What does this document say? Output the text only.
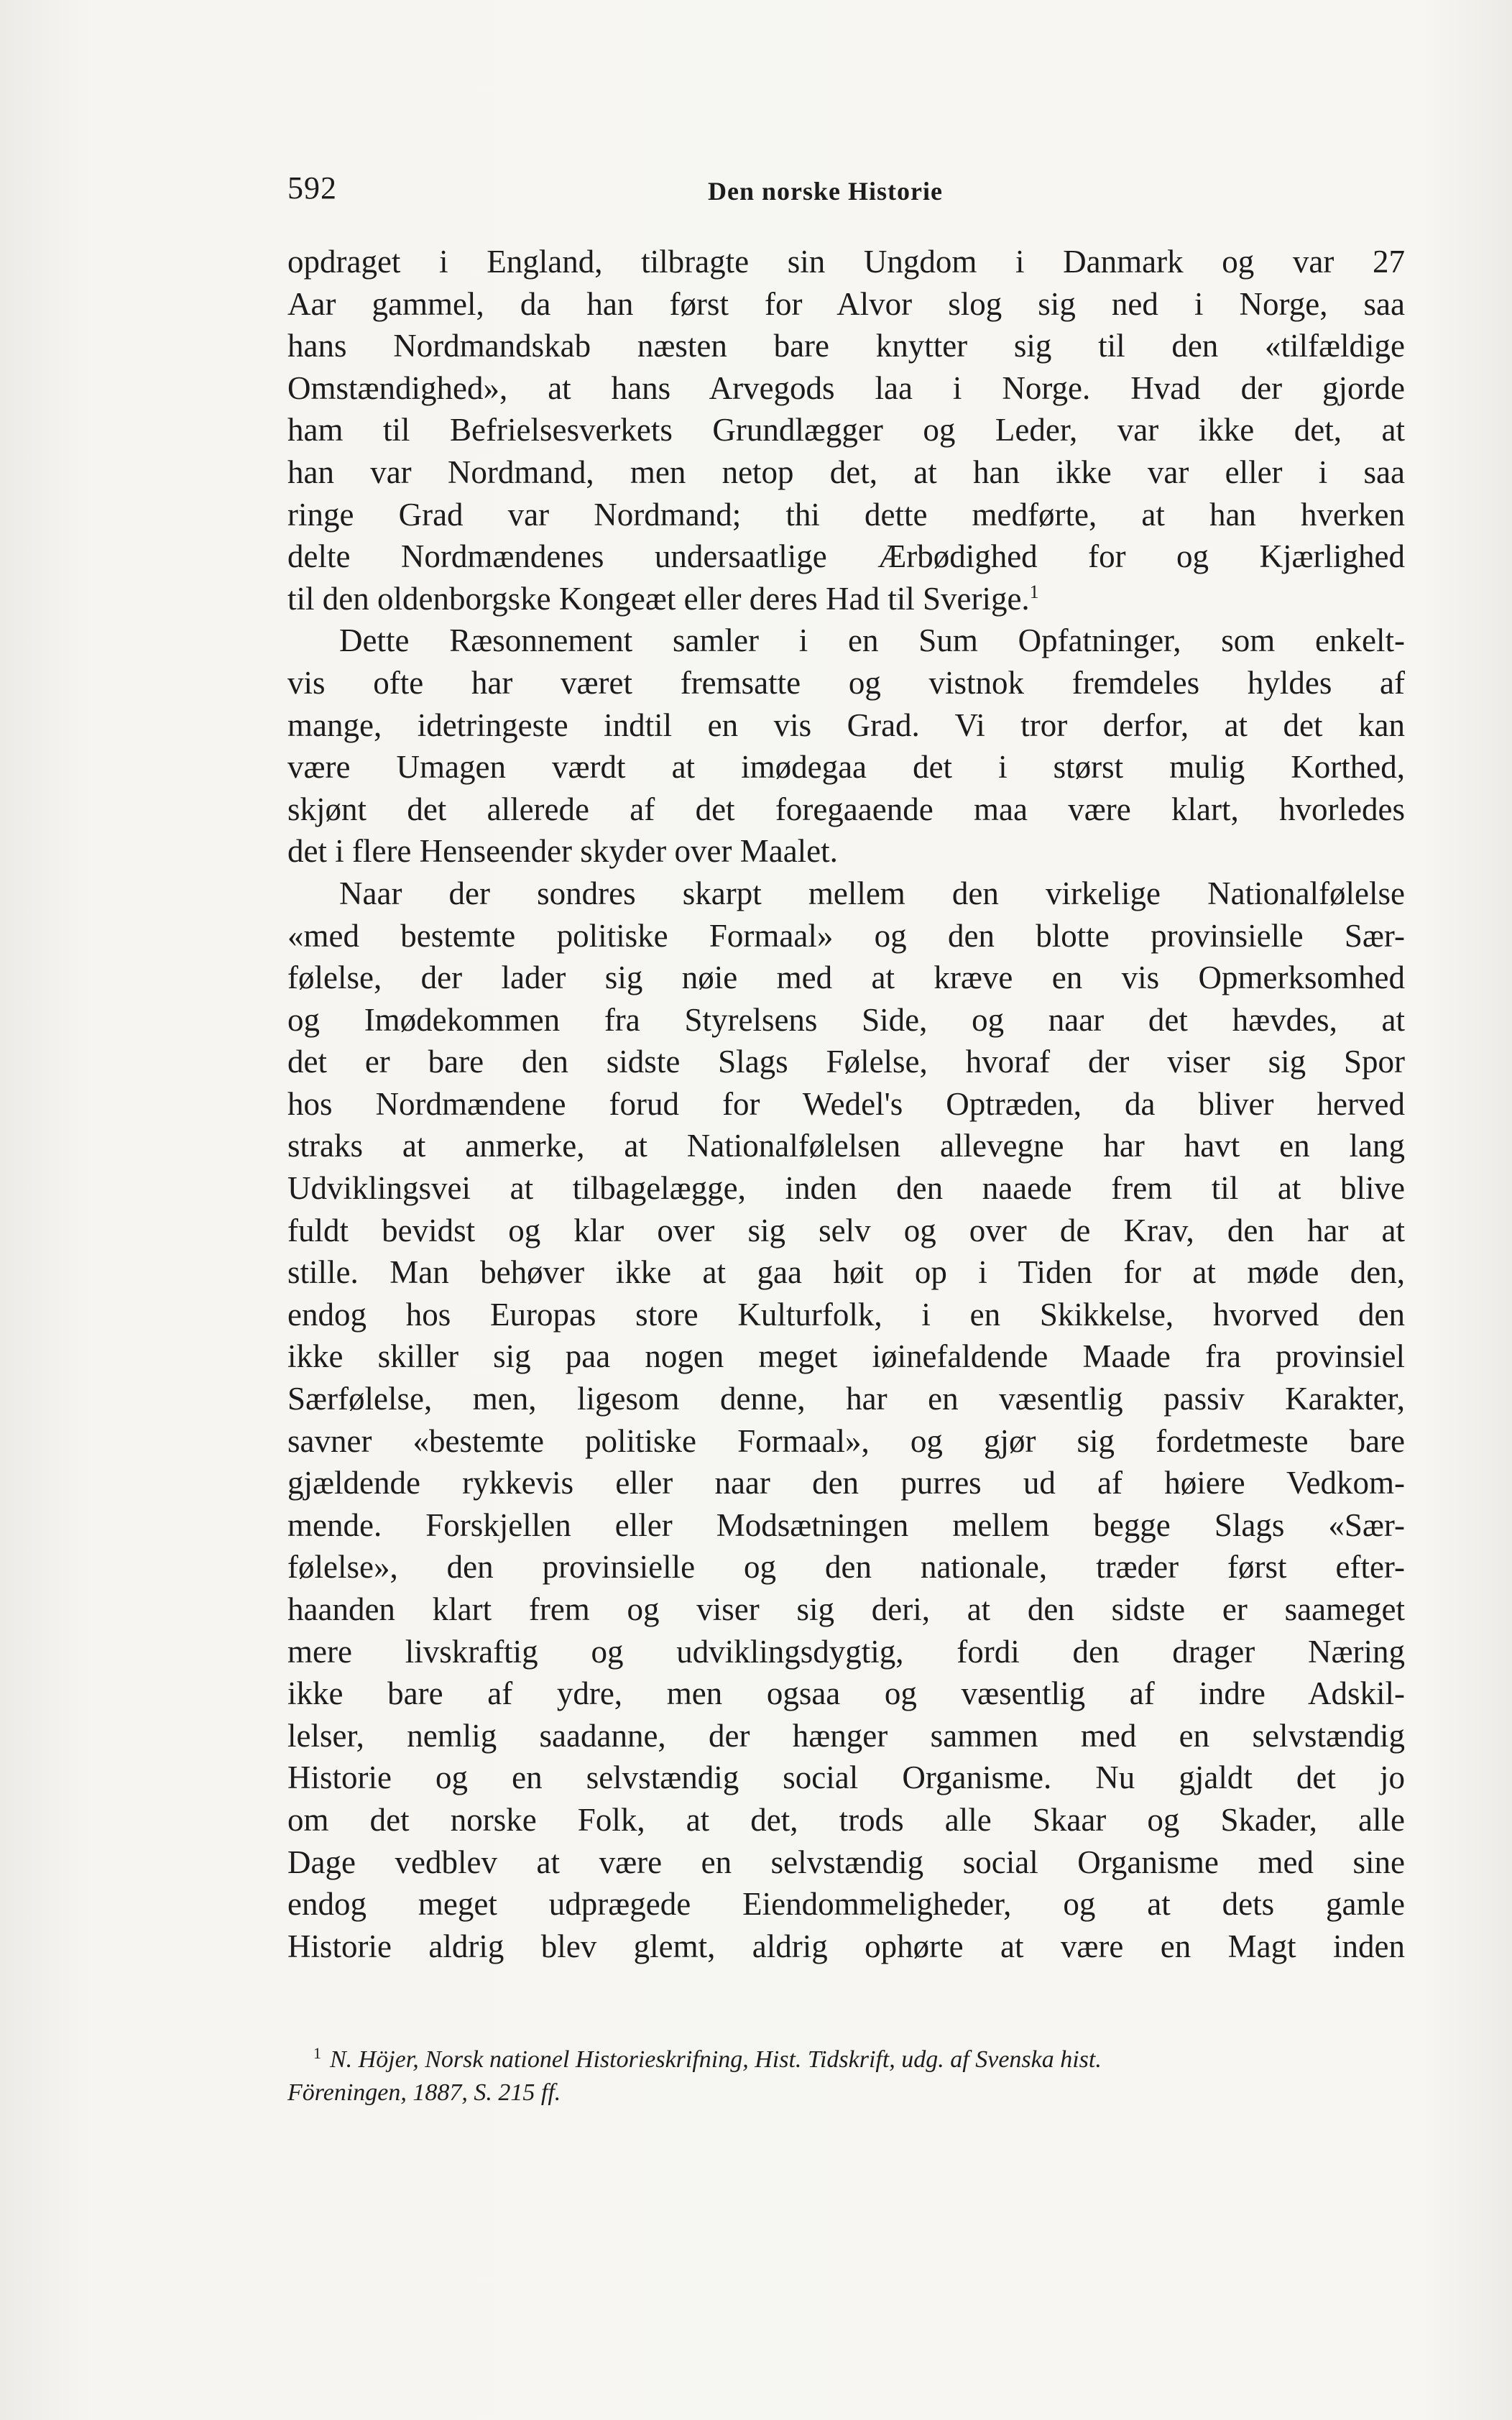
592	Den norske Historie
opdraget i England, tilbragte sin Ungdom i Danmark og var 27
Aar gammel, da han først for Alvor slog sig ned i Norge, saa
hans Nordmandskab næsten bare knytter sig til den «tilfældige
Omstændighed», at hans Arvegods laa i Norge. Hvad der gjorde
ham til Befrielsesverkets Grundlægger og Leder, var ikke det, at
han var Nordmand, men netop det, at han ikke var eller i saa
ringe Grad var Nordmand; thi dette medførte, at han hverken
delte Nordmændenes undersaatlige Ærbødighed for og Kjærlighed
til den oldenborgske Kongeæt eller deres Had til Sverige.$^1$
Dette Ræsonnement samler i en Sum Opfatninger, som enkelt-
vis ofte har været fremsatte og vistnok fremdeles hyldes af
mange, idetringeste indtil en vis Grad. Vi tror derfor, at det kan
være Umagen værdt at imødegaa det i størst mulig Korthed,
skjønt det allerede af det foregaaende maa være klart, hvorledes
det i flere Henseender skyder over Maalet.
Naar der sondres skarpt mellem den virkelige Nationalfølelse
«med bestemte politiske Formaal» og den blotte provinsielle Sær-
følelse, der lader sig nøie med at kræve en vis Opmerksomhed
og Imødekommen fra Styrelsens Side, og naar det hævdes, at
det er bare den sidste Slags Følelse, hvoraf der viser sig Spor
hos Nordmændene forud for Wedel's Optræden, da bliver herved
straks at anmerke, at Nationalfølelsen allevegne har havt en lang
Udviklingsvei at tilbagelægge, inden den naaede frem til at blive
fuldt bevidst og klar over sig selv og over de Krav, den har at
stille. Man behøver ikke at gaa høit op i Tiden for at møde den,
endog hos Europas store Kulturfolk, i en Skikkelse, hvorved den
ikke skiller sig paa nogen meget iøinefaldende Maade fra provinsiel
Særfølelse, men, ligesom denne, har en væsentlig passiv Karakter,
savner «bestemte politiske Formaal», og gjør sig fordetmeste bare
gjældende rykkevis eller naar den purres ud af høiere Vedkom-
mende. Forskjellen eller Modsætningen mellem begge Slags «Sær-
følelse», den provinsielle og den nationale, træder først efter-
haanden klart frem og viser sig deri, at den sidste er saameget
mere livskraftig og udviklingsdygtig, fordi den drager Næring
ikke bare af ydre, men ogsaa og væsentlig af indre Adskil-
lelser, nemlig saadanne, der hænger sammen med en selvstændig
Historie og en selvstændig social Organisme. Nu gjaldt det jo
om det norske Folk, at det, trods alle Skaar og Skader, alle
Dage vedblev at være en selvstændig social Organisme med sine
endog meget udprægede Eiendommeligheder, og at dets gamle
Historie aldrig blev glemt, aldrig ophørte at være en Magt inden
$^1$ N. Höjer, Norsk nationel Historieskrifning, Hist. Tidskrift, udg. af Svenska hist.
Föreningen, 1887, S. 215 ff.
